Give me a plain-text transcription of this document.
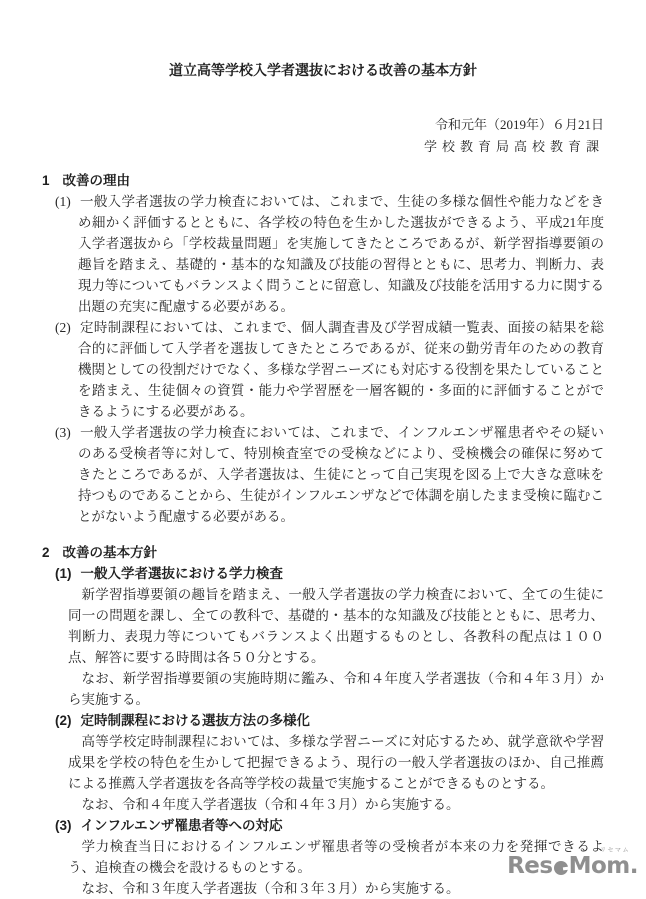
道立高等学校入学者選抜における改善の基本方針
令和元年（2019年）６月21日
学校教育局高校教育課
1 改善の理由

(1) 一般入学者選抜の学力検査においては、これまで、生徒の多様な個性や能力などをきめ細かく評価するとともに、各学校の特色を生かした選抜ができるよう、平成21年度入学者選抜から「学校裁量問題」を実施してきたところであるが、新学習指導要領の趣旨を踏まえ、基礎的・基本的な知識及び技能の習得とともに、思考力、判断力、表現力等についてもバランスよく問うことに留意し、知識及び技能を活用する力に関する出題の充実に配慮する必要がある。

(2) 定時制課程においては、これまで、個人調査書及び学習成績一覧表、面接の結果を総合的に評価して入学者を選抜してきたところであるが、従来の勤労青年のための教育機関としての役割だけでなく、多様な学習ニーズにも対応する役割を果たしていることを踏まえ、生徒個々の資質・能力や学習歴を一層客観的・多面的に評価することができるようにする必要がある。

(3) 一般入学者選抜の学力検査においては、これまで、インフルエンザ罹患者やその疑いのある受検者等に対して、特別検査室での受検などにより、受検機会の確保に努めてきたところであるが、入学者選抜は、生徒にとって自己実現を図る上で大きな意味を持つものであることから、生徒がインフルエンザなどで体調を崩したまま受検に臨むことがないよう配慮する必要がある。

2 改善の基本方針

(1) 一般入学者選抜における学力検査

新学習指導要領の趣旨を踏まえ、一般入学者選抜の学力検査において、全ての生徒に同一の問題を課し、全ての教科で、基礎的・基本的な知識及び技能とともに、思考力、判断力、表現力等についてもバランスよく出題するものとし、各教科の配点は１００点、解答に要する時間は各５０分とする。

なお、新学習指導要領の実施時期に鑑み、令和４年度入学者選抜（令和４年３月）から実施する。

(2) 定時制課程における選抜方法の多様化

高等学校定時制課程においては、多様な学習ニーズに対応するため、就学意欲や学習成果を学校の特色を生かして把握できるよう、現行の一般入学者選抜のほか、自己推薦による推薦入学者選抜を各高等学校の裁量で実施することができるものとする。

なお、令和４年度入学者選抜（令和４年３月）から実施する。

(3) インフルエンザ罹患者等への対応

学力検査当日におけるインフルエンザ罹患者等の受検者が本来の力を発揮できるよう、追検査の機会を設けるものとする。

なお、令和３年度入学者選抜（令和３年３月）から実施する。

リセマム
Res Mom.
